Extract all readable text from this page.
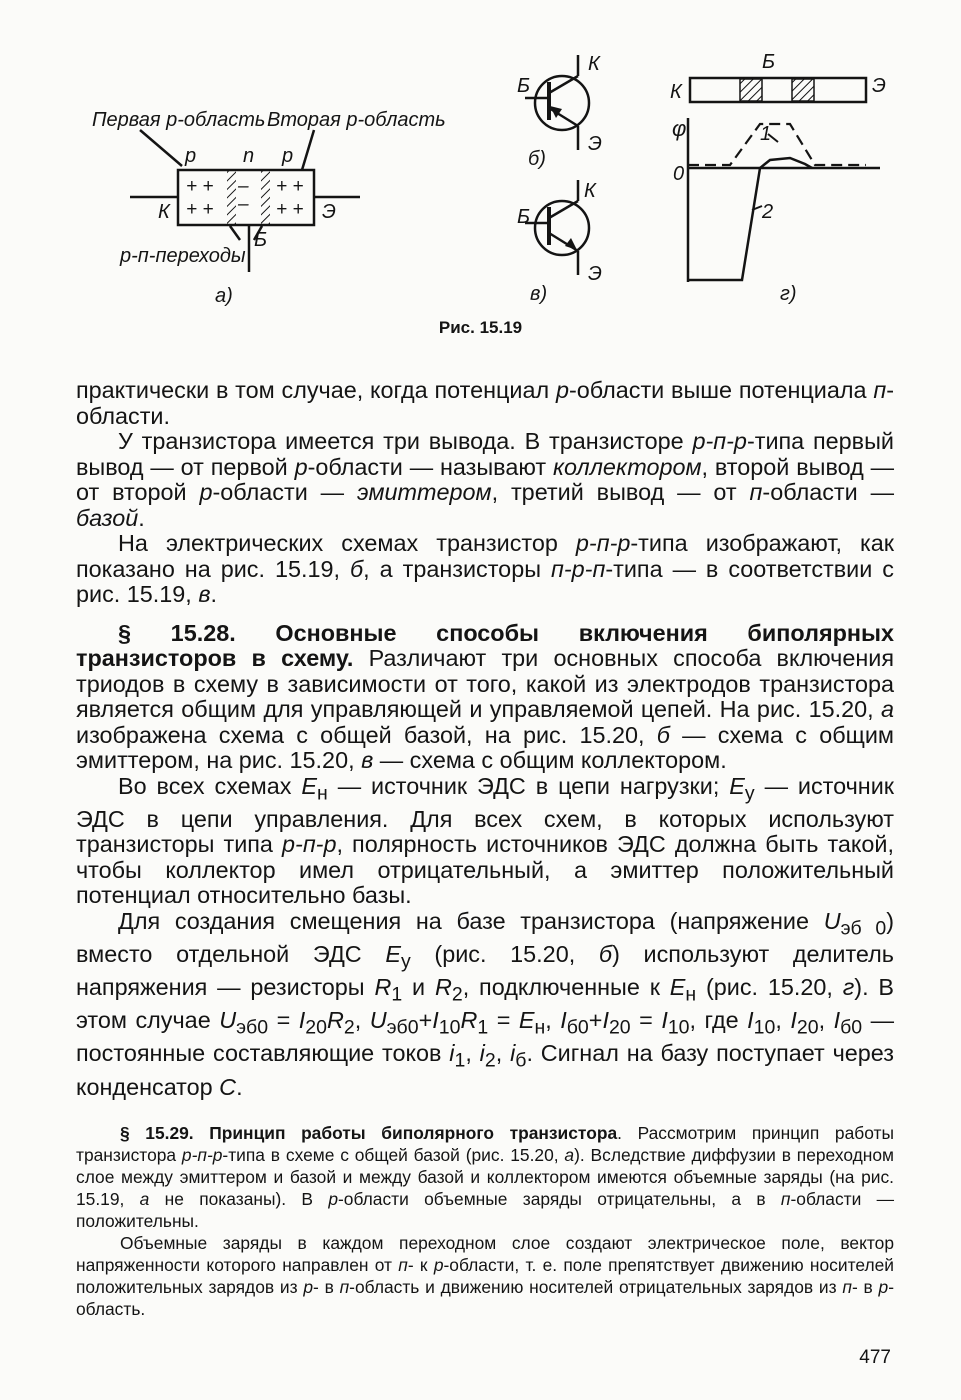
Первая р-область Вторая р-область
p n p
+ +
+ +
–
–
+ +
+ +
К	Э
Б
р-п-переходы
а)
К
Б
Э
б)
К
Б
Э
в)
Б
К	Э
φ
0
1
2
г)
Рис. 15.19

практически в том случае, когда потенциал р-области выше потенциала п-области.

У транзистора имеется три вывода. В транзисторе р-п-р-типа первый вывод — от первой р-области — называют коллектором, второй вывод — от второй р-области — эмиттером, третий вывод — от п-области — базой.

На электрических схемах транзистор р-п-р-типа изображают, как показано на рис. 15.19, б, а транзисторы п-р-п-типа — в соответствии с рис. 15.19, в.

§ 15.28. Основные способы включения биполярных транзисторов в схему. Различают три основных способа включения триодов в схему в зависимости от того, какой из электродов транзистора является общим для управляющей и управляемой цепей. На рис. 15.20, а изображена схема с общей базой, на рис. 15.20, б — схема с общим эмиттером, на рис. 15.20, в — схема с общим коллектором.

Во всех схемах $Е_н$ — источник ЭДС в цепи нагрузки; $Е_у$ — источник ЭДС в цепи управления. Для всех схем, в которых используют транзисторы типа р-п-р, полярность источников ЭДС должна быть такой, чтобы коллектор имел отрицательный, а эмиттер положительный потенциал относительно базы.

Для создания смещения на базе транзистора (напряжение $U_{эб 0}$) вместо отдельной ЭДС $Е_у$ (рис. 15.20, б) используют делитель напряжения — резисторы $R_1$ и $R_2$, подключенные к $Е_н$ (рис. 15.20, г). В этом случае $U_{эб0} = I_{20}R_2$, $U_{эб0}+I_{10}R_1 = Е_н$, $I_{б0}+I_{20} = I_{10}$, где $I_{10}$, $I_{20}$, $I_{б0}$ — постоянные составляющие токов $i_1$, $i_2$, $i_б$. Сигнал на базу поступает через конденсатор С.

§ 15.29. Принцип работы биполярного транзистора. Рассмотрим принцип работы транзистора р-п-р-типа в схеме с общей базой (рис. 15.20, а). Вследствие диффузии в переходном слое между эмиттером и базой и между базой и коллектором имеются объемные заряды (на рис. 15.19, а не показаны). В р-области объемные заряды отрицательны, а в п-области — положительны.

Объемные заряды в каждом переходном слое создают электрическое поле, вектор напряженности которого направлен от п- к р-области, т. е. поле препятствует движению носителей положительных зарядов из р- в п-область и движению носителей отрицательных зарядов из п- в р-область.

477
